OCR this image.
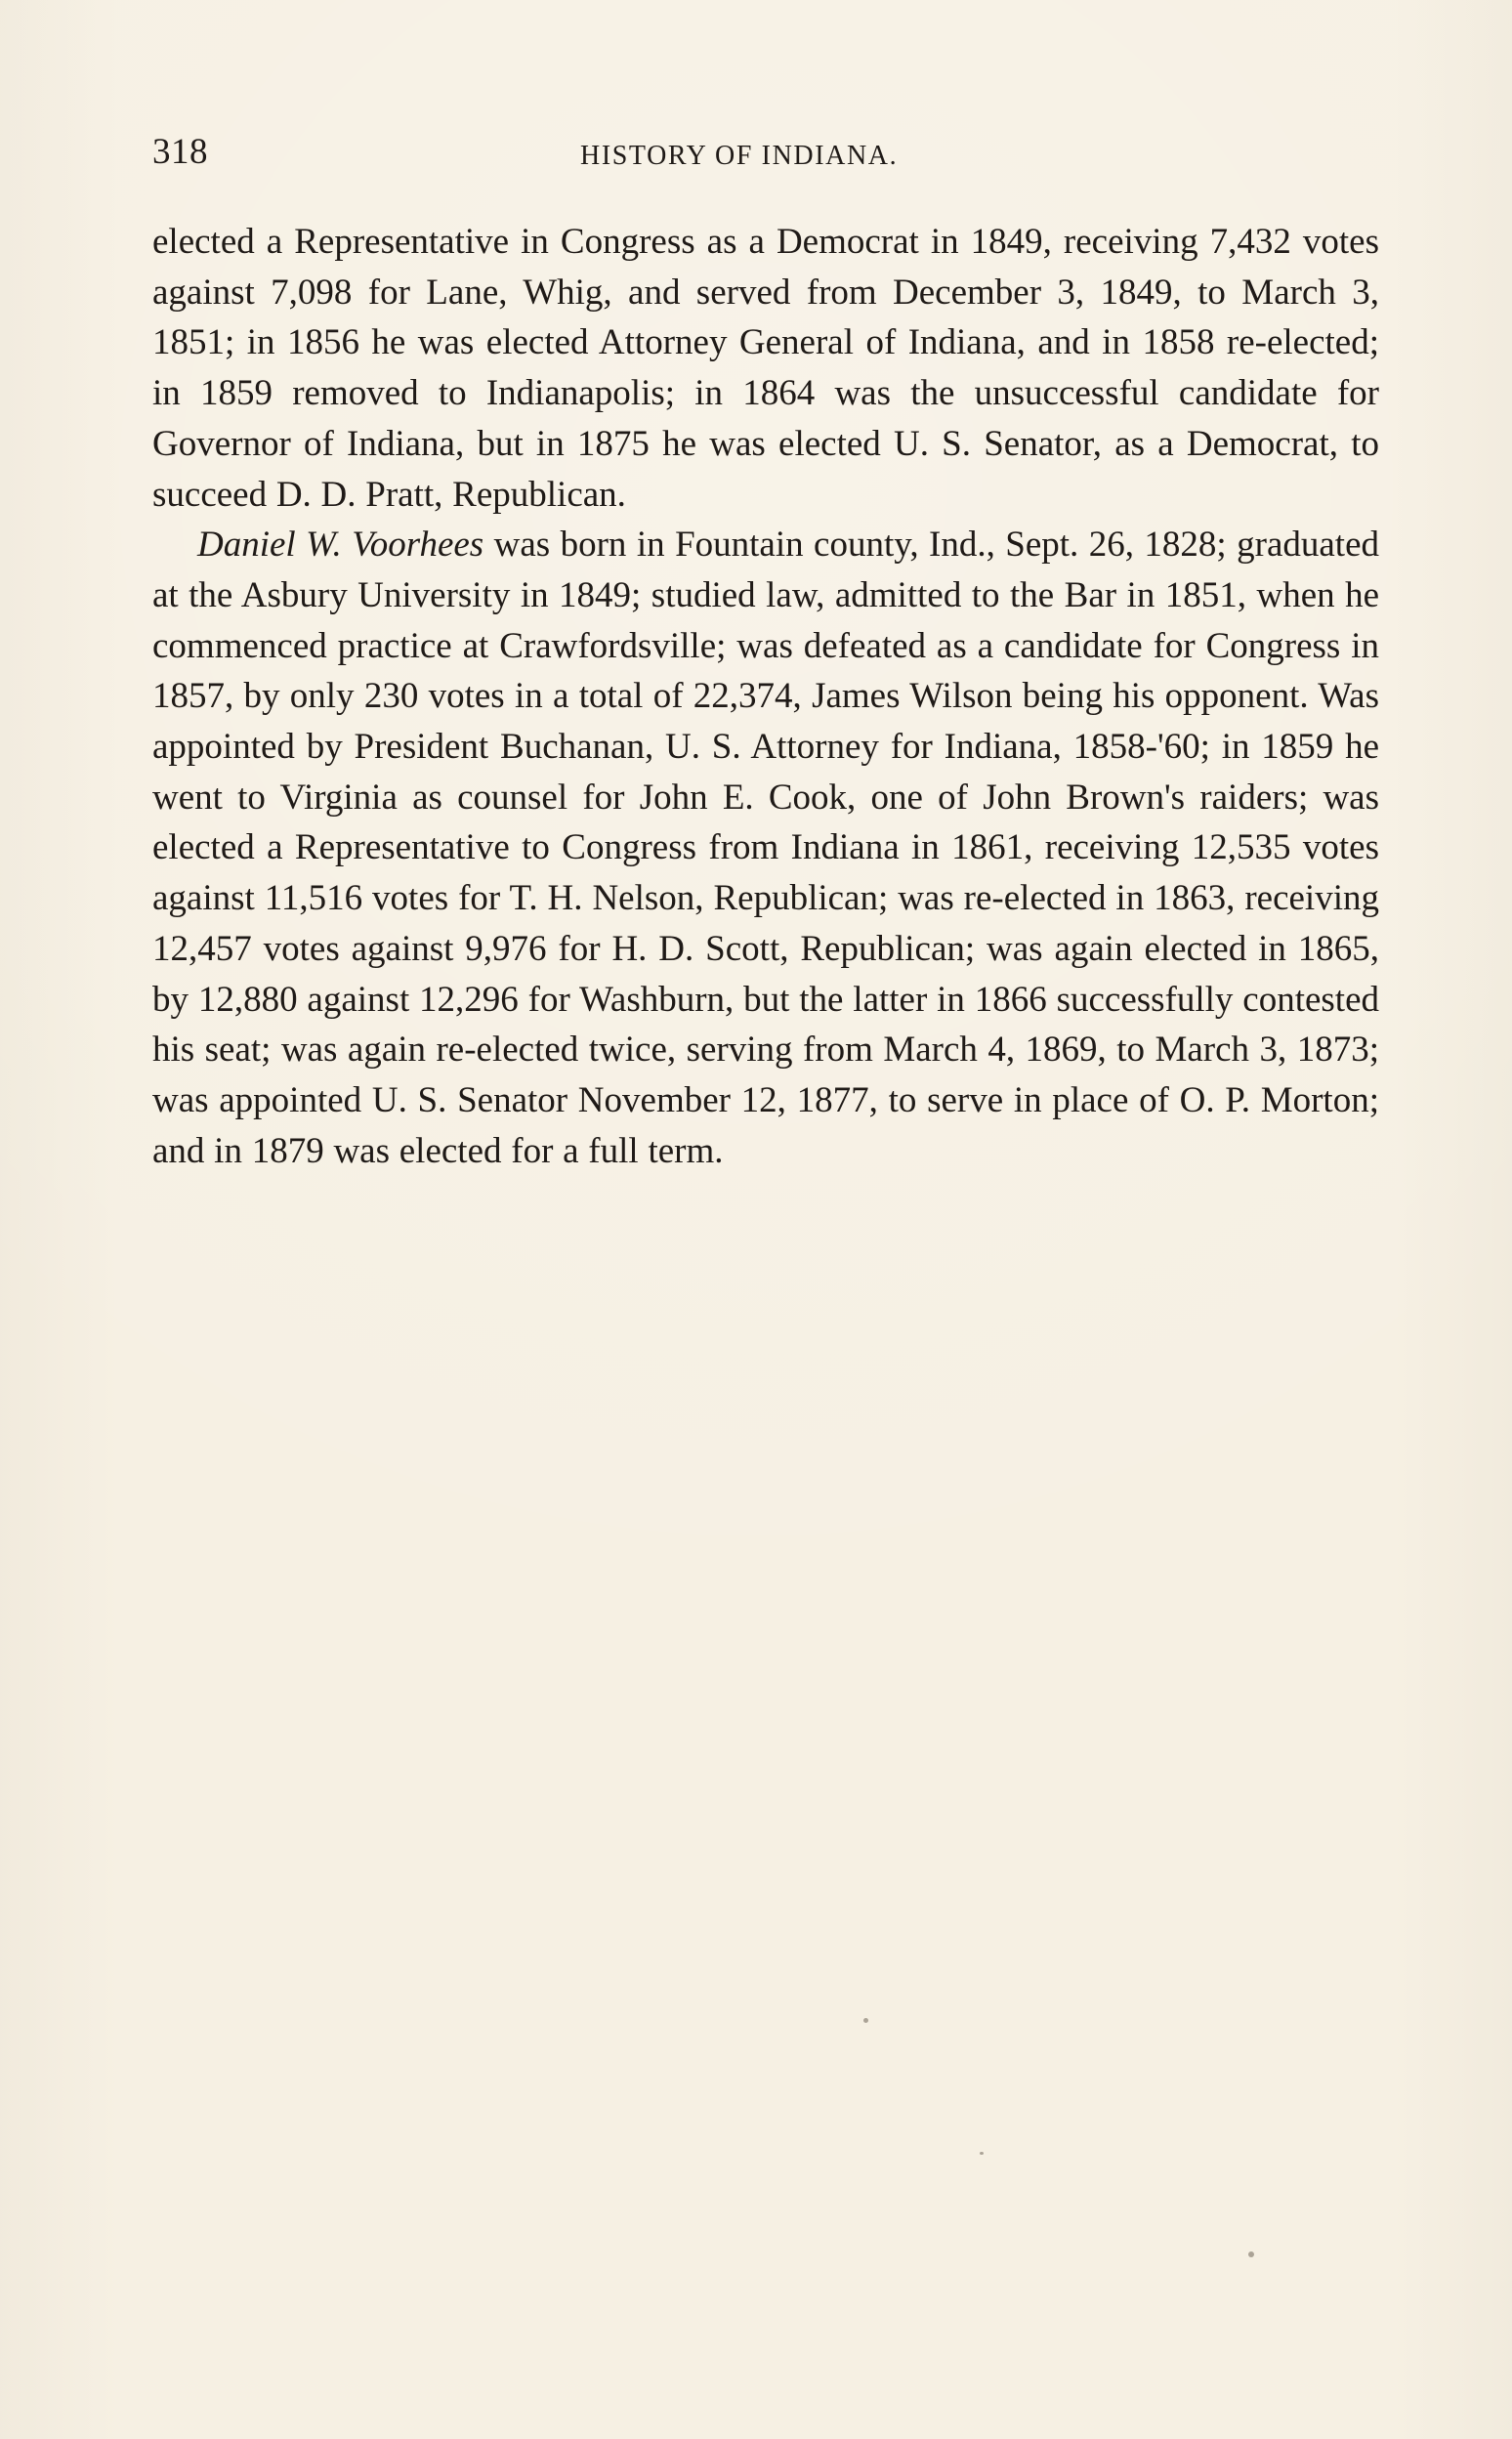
318	HISTORY OF INDIANA.

elected a Representative in Congress as a Democrat in 1849, receiving 7,432 votes against 7,098 for Lane, Whig, and served from December 3, 1849, to March 3, 1851; in 1856 he was elected Attorney General of Indiana, and in 1858 re-elected; in 1859 removed to Indianapolis; in 1864 was the unsuccessful candidate for Governor of Indiana, but in 1875 he was elected U. S. Senator, as a Democrat, to succeed D. D. Pratt, Republican.

Daniel W. Voorhees was born in Fountain county, Ind., Sept. 26, 1828; graduated at the Asbury University in 1849; studied law, admitted to the Bar in 1851, when he commenced practice at Crawfordsville; was defeated as a candidate for Congress in 1857, by only 230 votes in a total of 22,374, James Wilson being his opponent. Was appointed by President Buchanan, U. S. Attorney for Indiana, 1858-'60; in 1859 he went to Virginia as counsel for John E. Cook, one of John Brown's raiders; was elected a Representative to Congress from Indiana in 1861, receiving 12,535 votes against 11,516 votes for T. H. Nelson, Republican; was re-elected in 1863, receiving 12,457 votes against 9,976 for H. D. Scott, Republican; was again elected in 1865, by 12,880 against 12,296 for Washburn, but the latter in 1866 successfully contested his seat; was again re-elected twice, serving from March 4, 1869, to March 3, 1873; was appointed U. S. Senator November 12, 1877, to serve in place of O. P. Morton; and in 1879 was elected for a full term.
